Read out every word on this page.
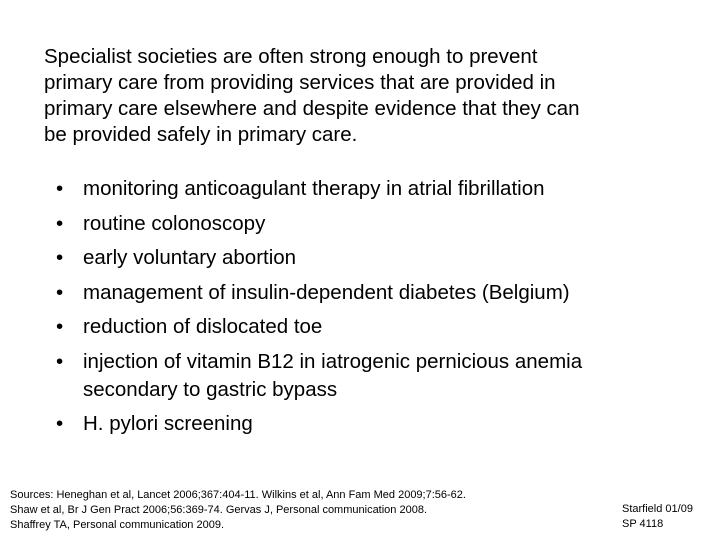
Specialist societies are often strong enough to prevent
primary care from providing services that are provided in
primary care elsewhere and despite evidence that they can
be provided safely in primary care.
• monitoring anticoagulant therapy in atrial fibrillation
• routine colonoscopy
• early voluntary abortion
• management of insulin-dependent diabetes (Belgium)
• reduction of dislocated toe
• injection of vitamin B12 in iatrogenic pernicious anemia
secondary to gastric bypass
• H. pylori screening
Sources: Heneghan et al, Lancet 2006;367:404-11. Wilkins et al, Ann Fam Med 2009;7:56-62.
Shaw et al, Br J Gen Pract 2006;56:369-74. Gervas J, Personal communication 2008.
Shaffrey TA, Personal communication 2009.
Starfield 01/09
SP 4118
